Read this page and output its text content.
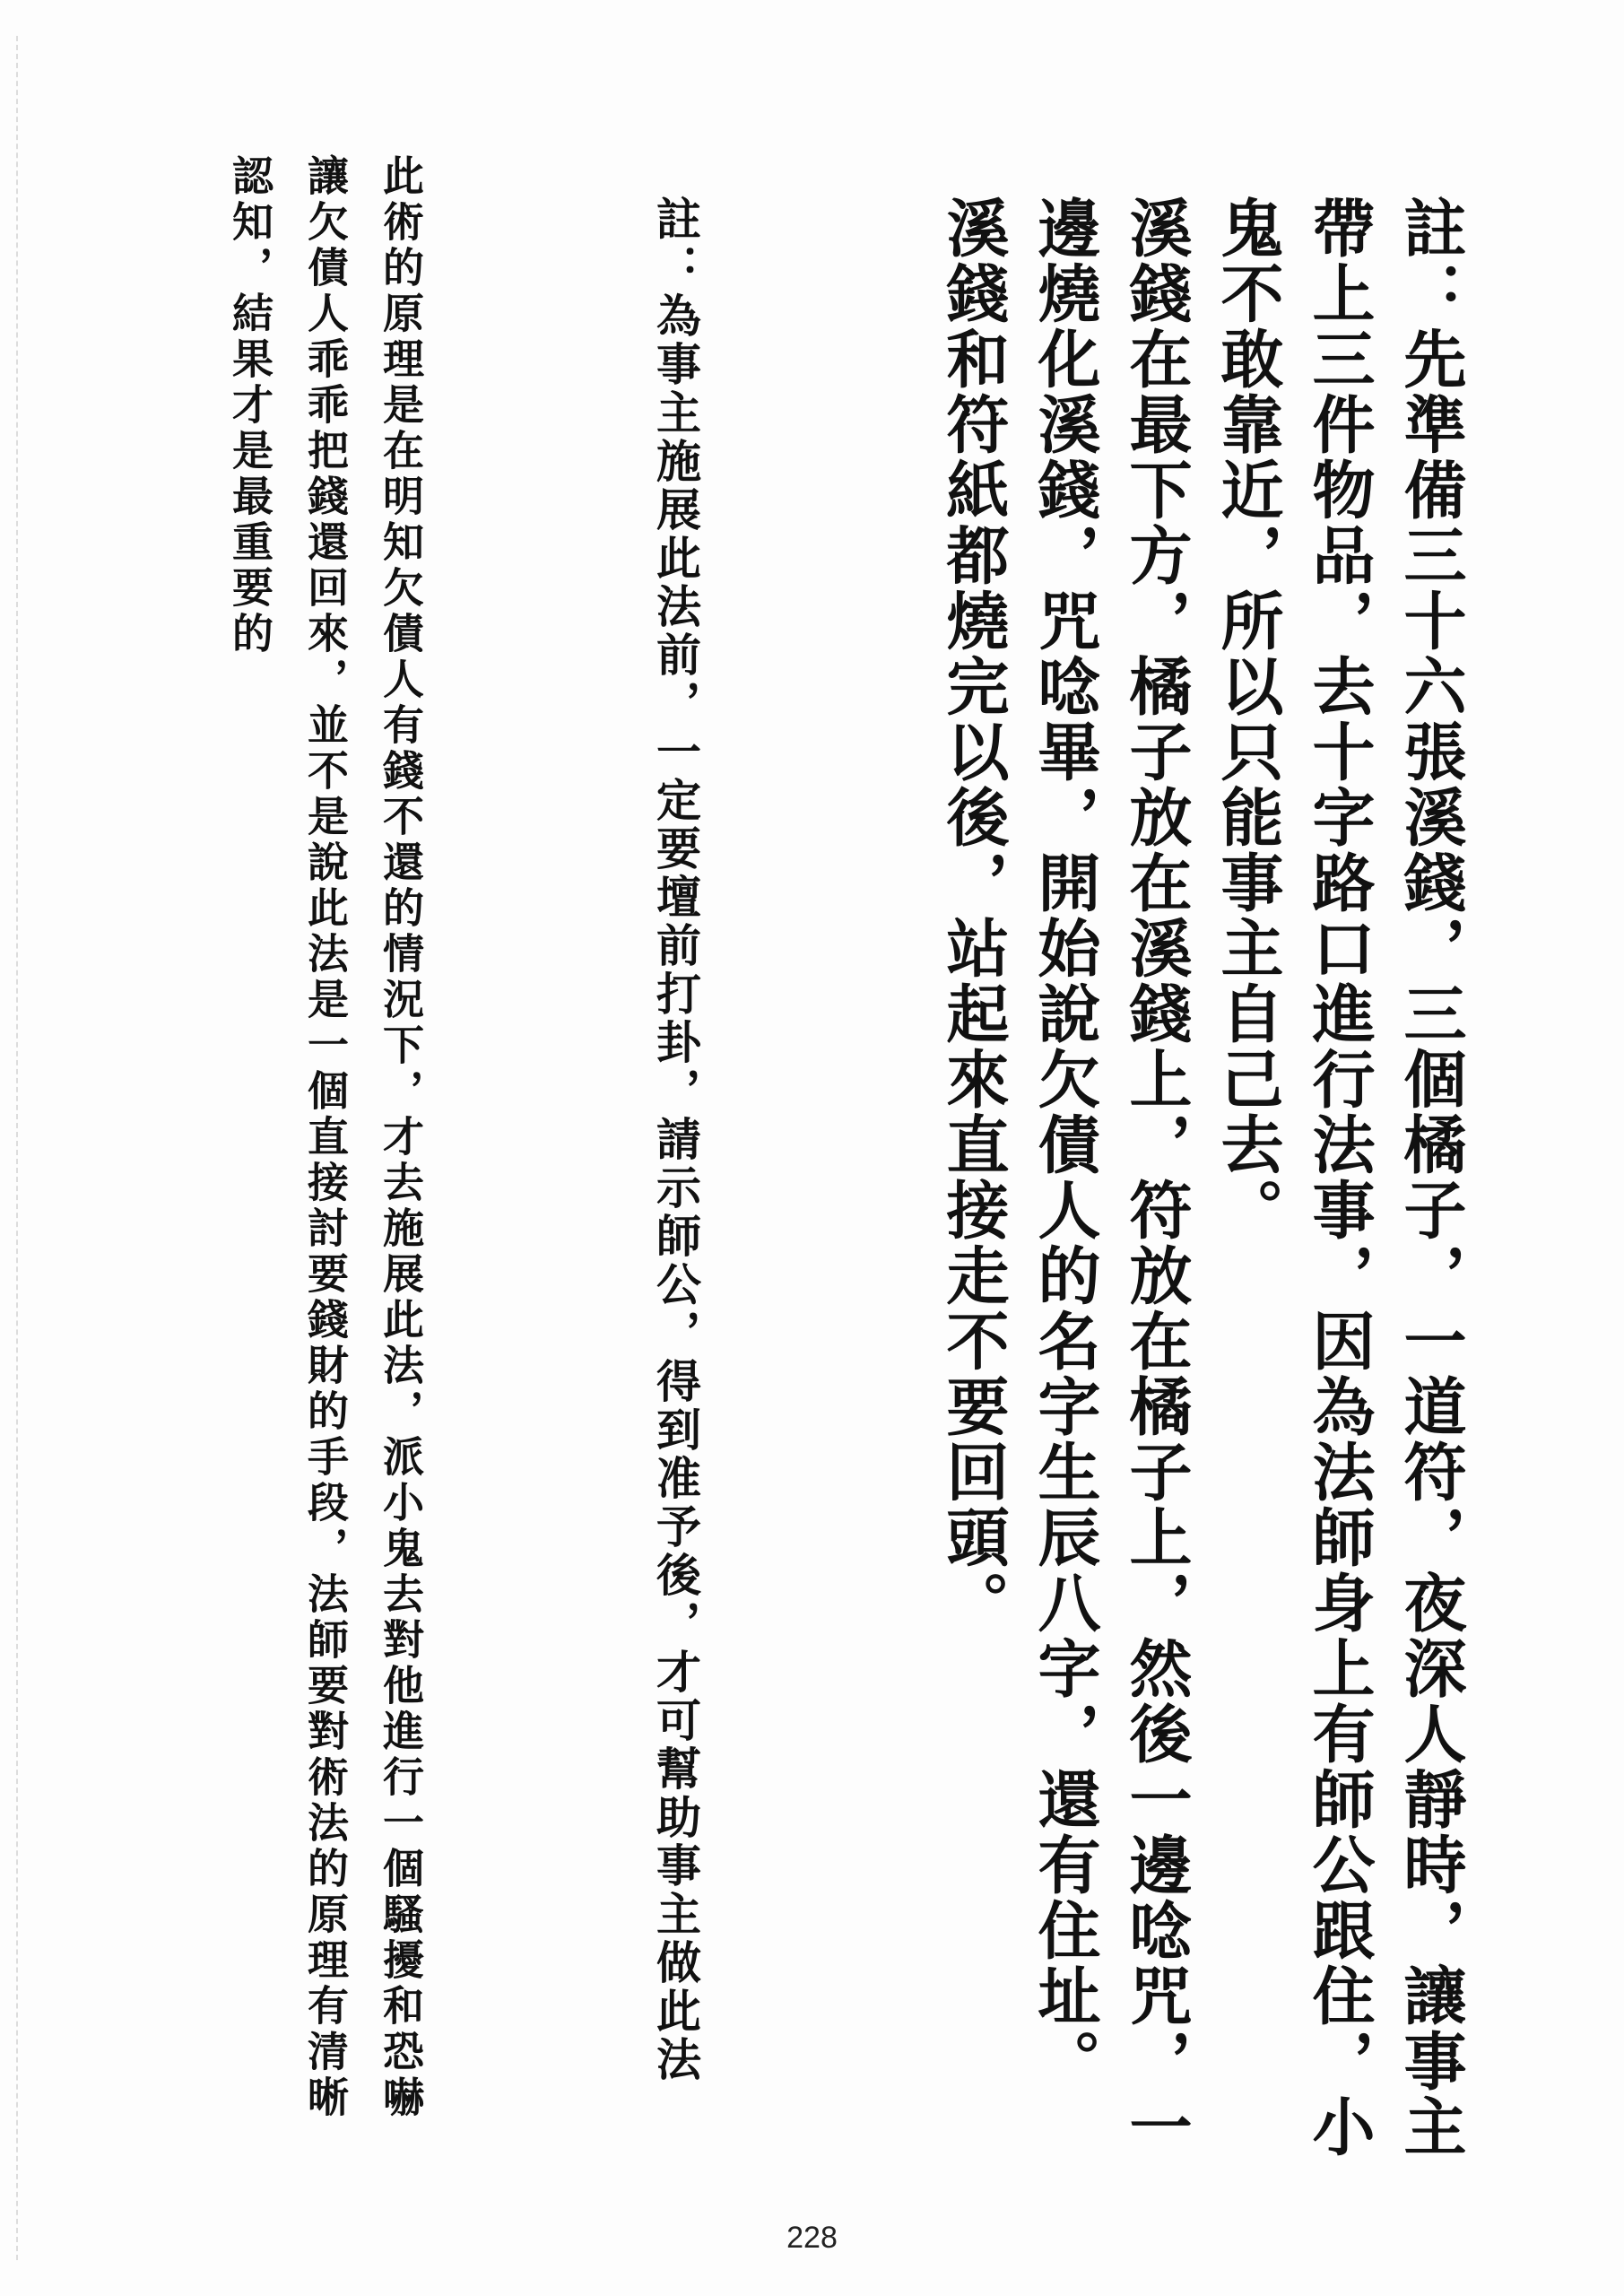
註：先準備三十六張溪錢，三個橘子，一道符，夜深人靜時，讓事主
帶上三件物品，去十字路口進行法事，因為法師身上有師公跟住，小
鬼不敢靠近，所以只能事主自己去。
溪錢在最下方，橘子放在溪錢上，符放在橘子上，然後一邊唸咒，一
邊燒化溪錢，咒唸畢，開始說欠債人的名字生辰八字，還有住址。
溪錢和符紙都燒完以後，站起來直接走不要回頭。
註：為事主施展此法前，一定要壇前打卦，請示師公，得到准予後，才可幫助事主做此法
此術的原理是在明知欠債人有錢不還的情況下，才去施展此法，派小鬼去對他進行一個騷擾和恐嚇
讓欠債人乖乖把錢還回來，並不是說此法是一個直接討要錢財的手段，法師要對術法的原理有清晰
認知，結果才是最重要的
228
